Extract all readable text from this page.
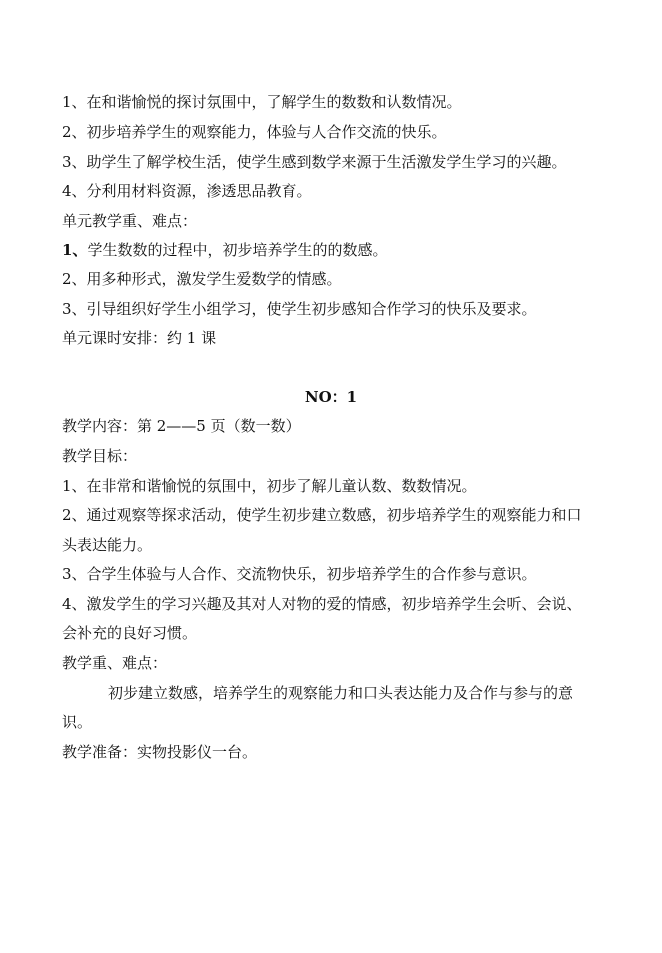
1、在和谐愉悦的探讨氛围中，了解学生的数数和认数情况。
2、初步培养学生的观察能力，体验与人合作交流的快乐。
3、助学生了解学校生活，使学生感到数学来源于生活激发学生学习的兴趣。
4、分利用材料资源，渗透思品教育。
单元教学重、难点：
1、学生数数的过程中，初步培养学生的的数感。
2、用多种形式，激发学生爱数学的情感。
3、引导组织好学生小组学习，使学生初步感知合作学习的快乐及要求。
单元课时安排：约 1 课
NO：1
教学内容：第 2——5 页（数一数）
教学目标：
1、在非常和谐愉悦的氛围中，初步了解儿童认数、数数情况。
2、通过观察等探求活动，使学生初步建立数感，初步培养学生的观察能力和口
头表达能力。
3、合学生体验与人合作、交流物快乐，初步培养学生的合作参与意识。
4、激发学生的学习兴趣及其对人对物的爱的情感，初步培养学生会听、会说、
会补充的良好习惯。
教学重、难点：
初步建立数感，培养学生的观察能力和口头表达能力及合作与参与的意
识。
教学准备：实物投影仪一台。
